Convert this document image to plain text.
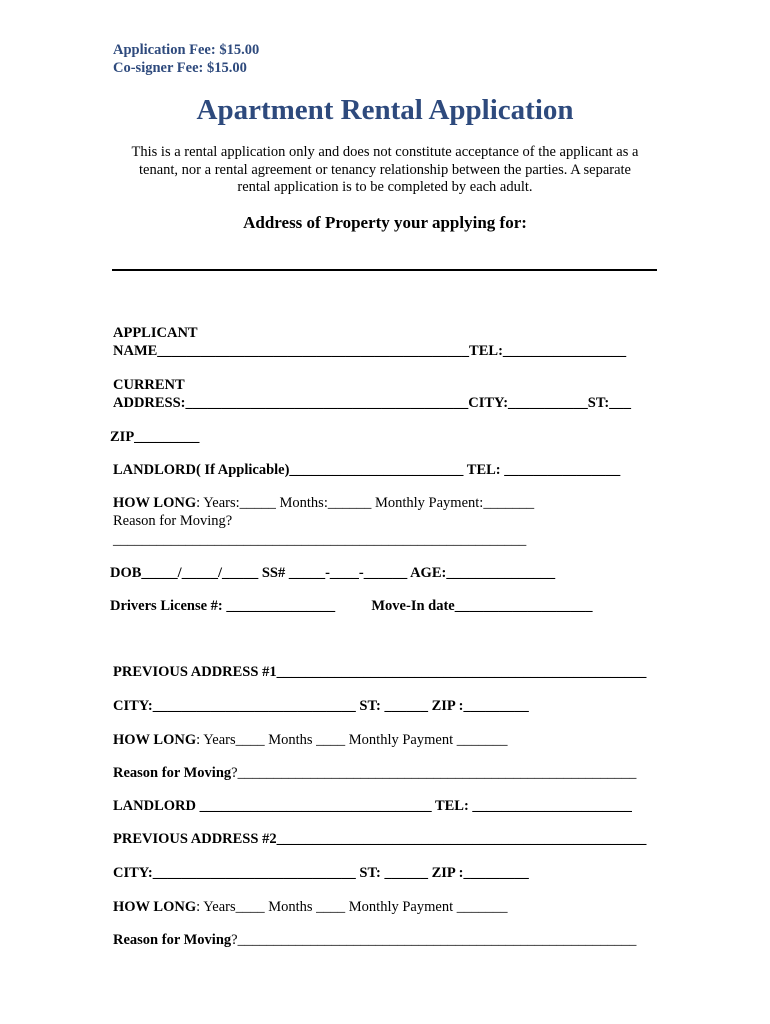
Application Fee: $15.00
Co-signer Fee: $15.00
Apartment Rental Application
This is a rental application only and does not constitute acceptance of the applicant as a
tenant, nor a rental agreement or tenancy relationship between the parties. A separate
rental application is to be completed by each adult.
Address of Property your applying for:
APPLICANT
NAME___________________________________________TEL:_________________
CURRENT
ADDRESS:_______________________________________CITY:___________ST:___
ZIP_________
LANDLORD( If Applicable)________________________ TEL: ________________
HOW LONG: Years:_____ Months:______ Monthly Payment:_______
Reason for Moving?
_________________________________________________________
DOB_____/_____/_____ SS# _____-____-______ AGE:_______________
Drivers License #: _______________          Move-In date___________________
PREVIOUS ADDRESS #1___________________________________________________
CITY:____________________________ ST: ______ ZIP :_________
HOW LONG: Years____ Months ____ Monthly Payment _______
Reason for Moving?_______________________________________________________
LANDLORD ________________________________ TEL: ______________________
PREVIOUS ADDRESS #2___________________________________________________
CITY:____________________________ ST: ______ ZIP :_________
HOW LONG: Years____ Months ____ Monthly Payment _______
Reason for Moving?_______________________________________________________
